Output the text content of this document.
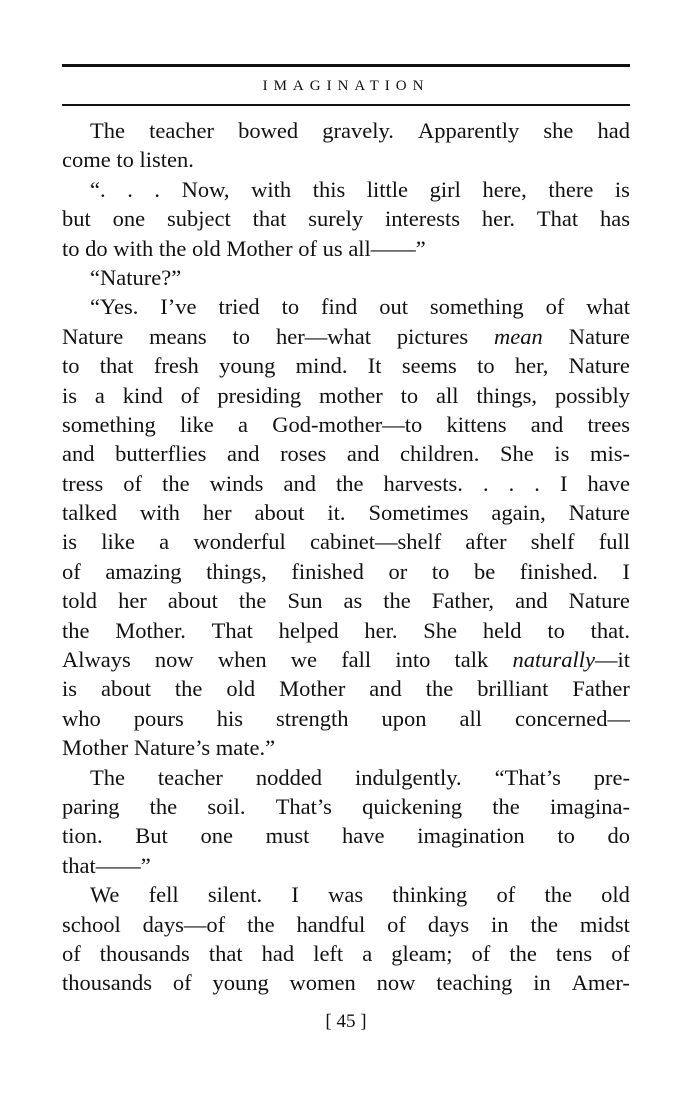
IMAGINATION
The teacher bowed gravely. Apparently she had
come to listen.
“. . . Now, with this little girl here, there is
but one subject that surely interests her. That has
to do with the old Mother of us all——”
“Nature?”
“Yes. I’ve tried to find out something of what
Nature means to her—what pictures mean Nature
to that fresh young mind. It seems to her, Nature
is a kind of presiding mother to all things, possibly
something like a God-mother—to kittens and trees
and butterflies and roses and children. She is mis-
tress of the winds and the harvests. . . . I have
talked with her about it. Sometimes again, Nature
is like a wonderful cabinet—shelf after shelf full
of amazing things, finished or to be finished. I
told her about the Sun as the Father, and Nature
the Mother. That helped her. She held to that.
Always now when we fall into talk naturally—it
is about the old Mother and the brilliant Father
who pours his strength upon all concerned—
Mother Nature’s mate.”
The teacher nodded indulgently. “That’s pre-
paring the soil. That’s quickening the imagina-
tion. But one must have imagination to do
that——”
We fell silent. I was thinking of the old
school days—of the handful of days in the midst
of thousands that had left a gleam; of the tens of
thousands of young women now teaching in Amer-
[ 45 ]
